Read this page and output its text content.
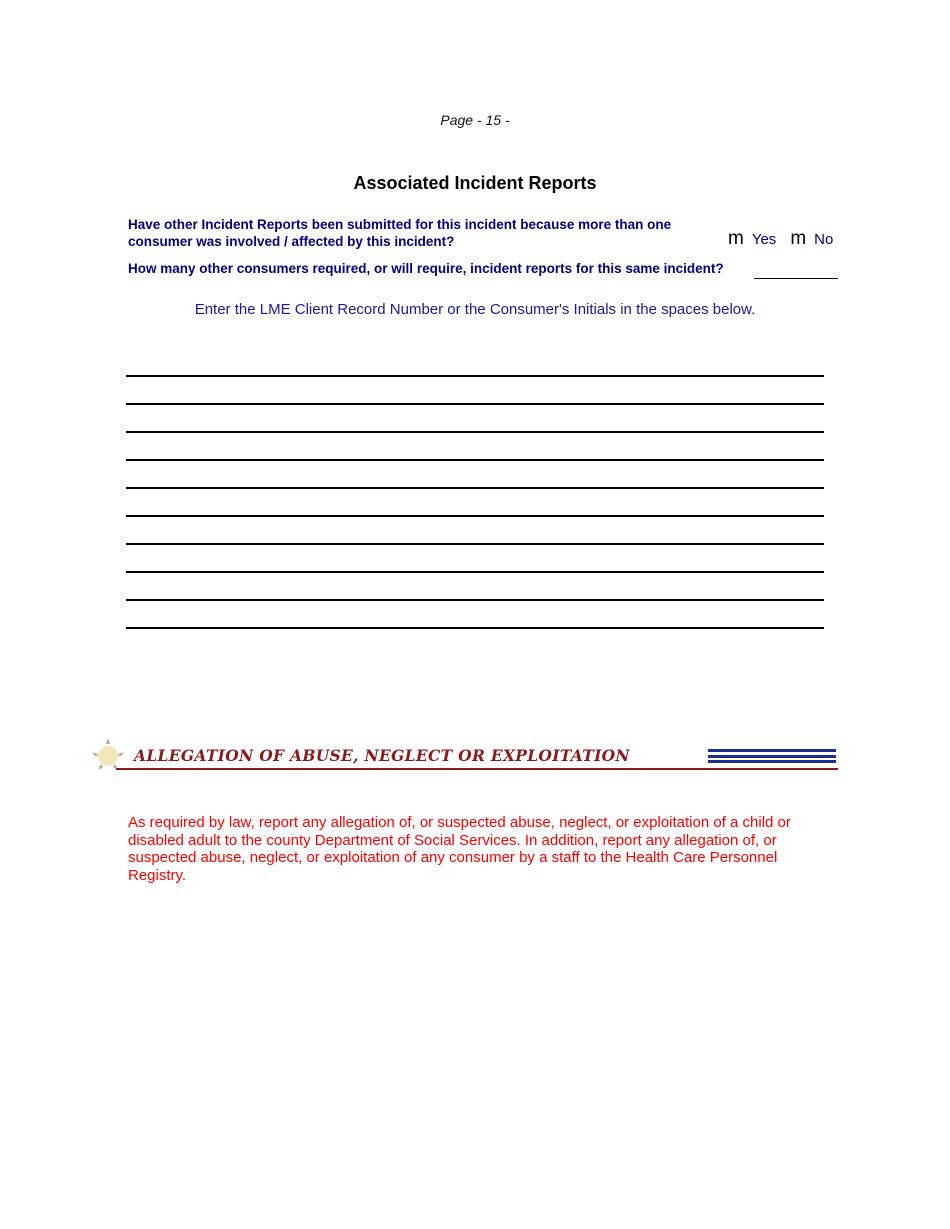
Page - 15 -
Associated Incident Reports
Have other Incident Reports been submitted for this incident because more than one consumer was involved / affected by this incident?	m Yes m No
How many other consumers required, or will require, incident reports for this same incident?
Enter the LME Client Record Number or the Consumer's Initials in the spaces below.
ALLEGATION OF ABUSE, NEGLECT OR EXPLOITATION
As required by law, report any allegation of, or suspected abuse, neglect, or exploitation of a child or disabled adult to the county Department of Social Services. In addition, report any allegation of, or suspected abuse, neglect, or exploitation of any consumer by a staff to the Health Care Personnel Registry.
